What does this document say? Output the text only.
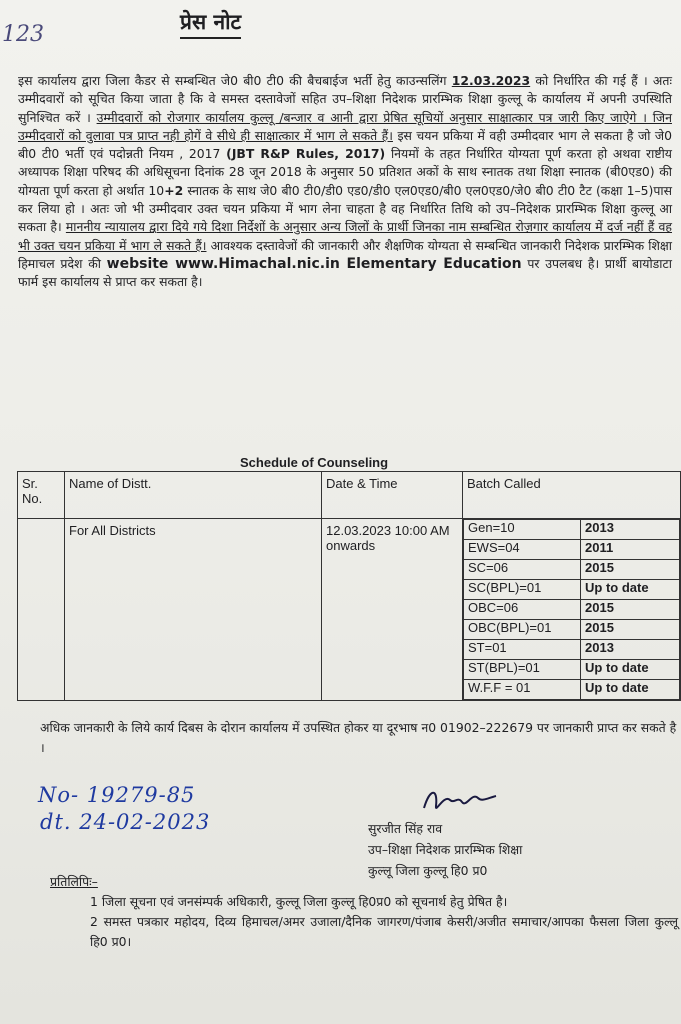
123	प्रेस नोट
इस कार्यालय द्वारा जिला कैडर से सम्बन्धित जे0 बी0 टी0 की बैचबाईज भर्ती हेतु काउन्सलिंग 12.03.2023 को निर्धारित की गई हैं । अतः उम्मीदवारों को सूचित किया जाता है कि वे समस्त दस्तावेजों सहित उप–शिक्षा निदेशक प्रारम्भिक शिक्षा कुल्लू के कार्यालय में अपनी उपस्थिति सुनिश्चित करें । उम्मीदवारों को रोजगार कार्यालय कुल्लू /बन्जार व आनी द्वारा प्रेषित सूचियों अनुसार साक्षात्कार पत्र जारी किए जाऐगे । जिन उम्मीदवारों को वुलावा पत्र प्राप्त नही होगें वे सीधे ही साक्षात्कार में भाग ले सकते हैं। इस चयन प्रकिया में वही उम्मीदवार भाग ले सकता है जो जे0 बी0 टी0 भर्ती एवं पदोन्नती नियम , 2017 (JBT R&P Rules, 2017) नियमों के तहत निर्धारित योग्यता पूर्ण करता हो अथवा राष्टीय अध्यापक शिक्षा परिषद की अधिसूचना दिनांक 28 जून 2018 के अनुसार 50 प्रतिशत अकों के साथ स्नातक तथा शिक्षा स्नातक (बी0एड0) की योग्यता पूर्ण करता हो अर्थात 10+2 स्नातक के साथ जे0 बी0 टी0/डी0 एड0/डी0 एल0एड0/बी0 एल0एड0/जे0 बी0 टी0 टैट (कक्षा 1–5)पास कर लिया हो । अतः जो भी उम्मीदवार उक्त चयन प्रकिया में भाग लेना चाहता है वह निर्धारित तिथि को उप–निदेशक प्रारम्भिक शिक्षा कुल्लू आ सकता है। माननीय न्यायालय द्वारा दिये गये दिशा निर्देशों के अनुसार अन्य जिलों के प्रार्थी जिनका नाम सम्बन्धित रोज़गार कार्यालय में दर्ज नहीं हैं वह भी उक्त चयन प्रकिया में भाग ले सकते हैं। आवश्यक दस्तावेजों की जानकारी और शैक्षणिक योग्यता से सम्बन्धित जानकारी निदेशक प्रारम्भिक शिक्षा हिमाचल प्रदेश की website www.Himachal.nic.in Elementary Education पर उपलबध है। प्रार्थी बायोडाटा फार्म इस कार्यालय से प्राप्त कर सकता है।
Schedule of Counseling
Sr. No.	Name of Distt.	Date & Time	Batch Called
	For All Districts	12.03.2023 10:00 AM onwards	
Gen=10	2013
EWS=04	2011
SC=06	2015
SC(BPL)=01	Up to date
OBC=06	2015
OBC(BPL)=01	2015
ST=01	2013
ST(BPL)=01	Up to date
W.F.F = 01	Up to date
अधिक जानकारी के लिये कार्य दिबस के दोरान कार्यालय में उपस्थित होकर या दूरभाष न0 01902–222679 पर जानकारी प्राप्त कर सकते है ।
No- 19279-85
dt. 24-02-2023	सुरजीत सिंह राव
उप–शिक्षा निदेशक प्रारम्भिक शिक्षा
कुल्लू जिला कुल्लू हि0 प्र0

प्रतिलिपिः–

1 जिला सूचना एवं जनसंम्पर्क अधिकारी, कुल्लू जिला कुल्लू हि0प्र0 को सूचनार्थ हेतु प्रेषित है।

2 समस्त पत्रकार महोदय, दिव्य हिमाचल/अमर उजाला/दैनिक जागरण/पंजाब केसरी/अजीत समाचार/आपका फैसला जिला कुल्लू हि0 प्र0।
